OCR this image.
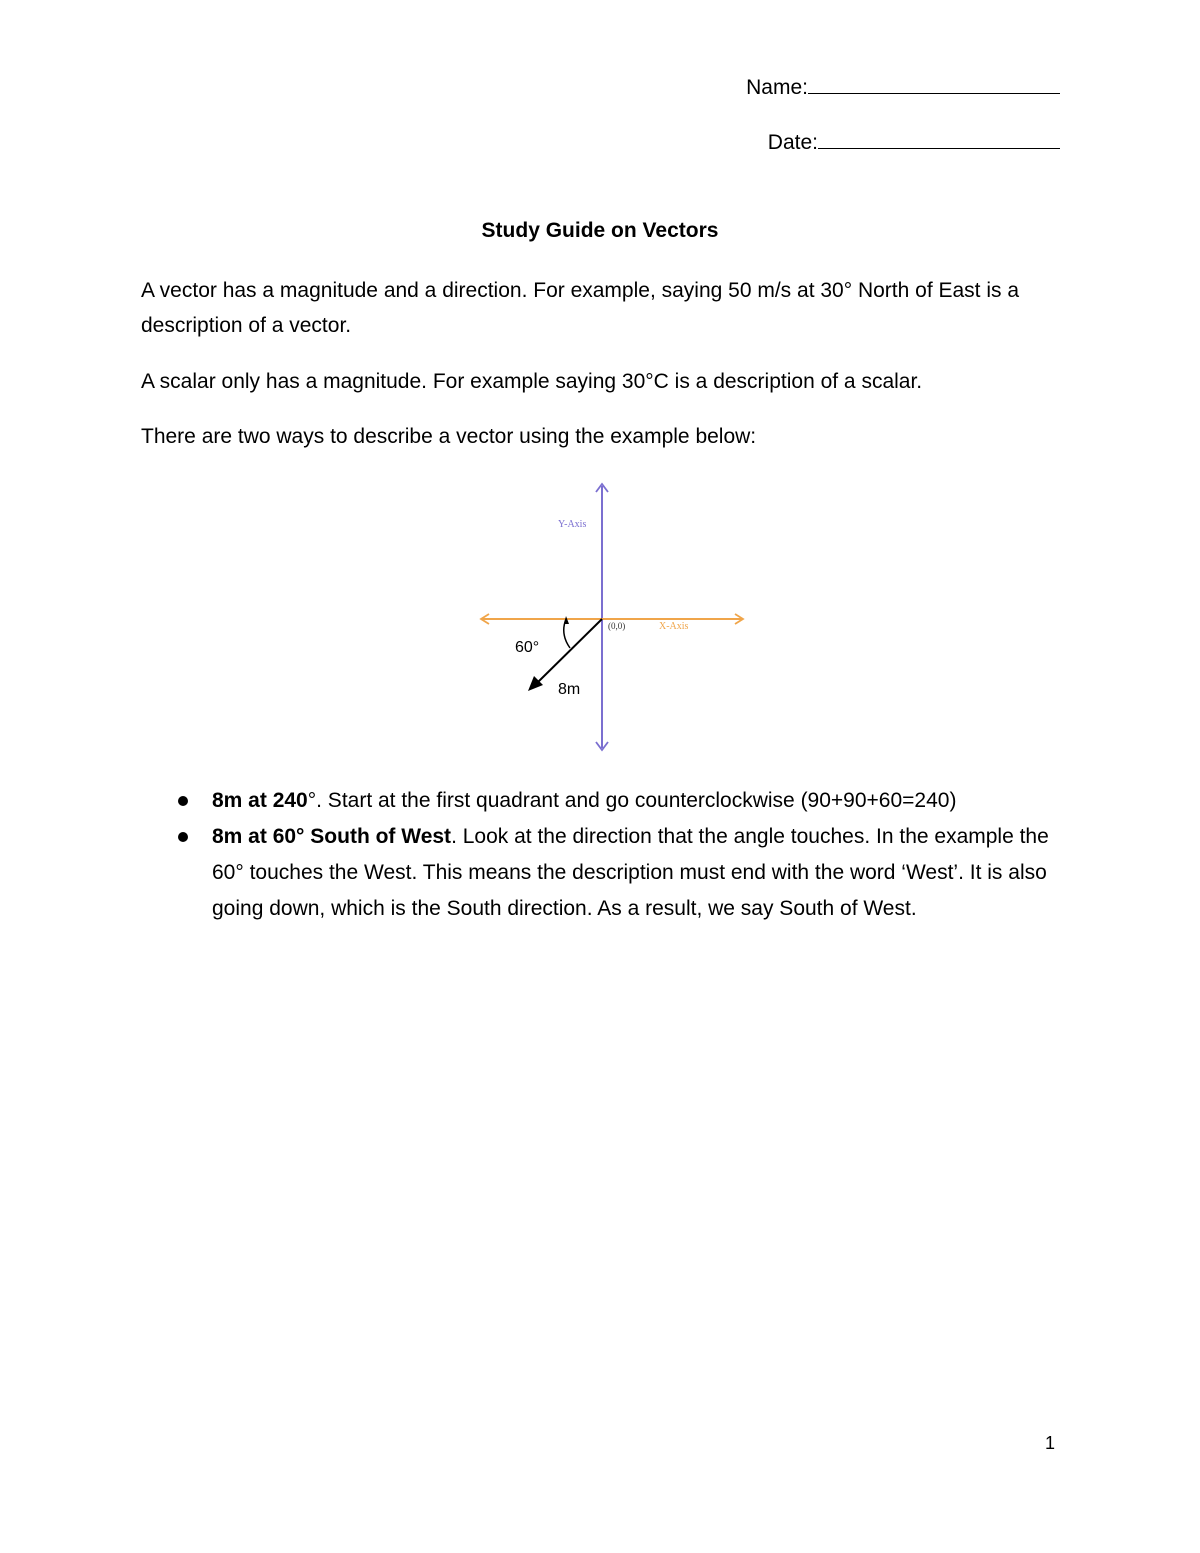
Name:
Date:
Study Guide on Vectors

A vector has a magnitude and a direction. For example, saying 50 m/s at 30° North of East is a description of a vector.

A scalar only has a magnitude. For example saying 30°C is a description of a scalar.

There are two ways to describe a vector using the example below:

Y-Axis
X-Axis
(0,0)
60°
8m
8m at 240°. Start at the first quadrant and go counterclockwise (90+90+60=240)
8m at 60° South of West. Look at the direction that the angle touches. In the example the 60° touches the West. This means the description must end with the word ‘West’. It is also going down, which is the South direction. As a result, we say South of West.
1
